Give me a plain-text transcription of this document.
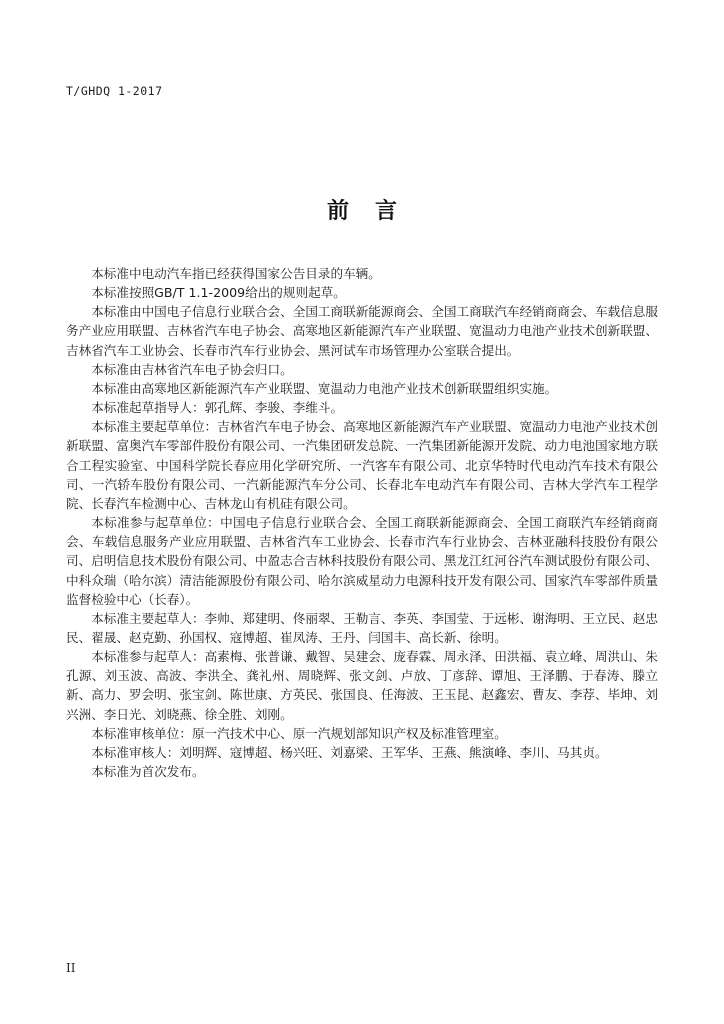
T/GHDQ 1-2017
前言

本标准中电动汽车指已经获得国家公告目录的车辆。

本标准按照GB/T 1.1-2009给出的规则起草。

本标准由中国电子信息行业联合会、全国工商联新能源商会、全国工商联汽车经销商商会、车载信息服务产业应用联盟、吉林省汽车电子协会、高寒地区新能源汽车产业联盟、宽温动力电池产业技术创新联盟、吉林省汽车工业协会、长春市汽车行业协会、黑河试车市场管理办公室联合提出。

本标准由吉林省汽车电子协会归口。

本标准由高寒地区新能源汽车产业联盟、宽温动力电池产业技术创新联盟组织实施。

本标准起草指导人：郭孔辉、李骏、李维斗。

本标准主要起草单位：吉林省汽车电子协会、高寒地区新能源汽车产业联盟、宽温动力电池产业技术创新联盟、富奥汽车零部件股份有限公司、一汽集团研发总院、一汽集团新能源开发院、动力电池国家地方联合工程实验室、中国科学院长春应用化学研究所、一汽客车有限公司、北京华特时代电动汽车技术有限公司、一汽轿车股份有限公司、一汽新能源汽车分公司、长春北车电动汽车有限公司、吉林大学汽车工程学院、长春汽车检测中心、吉林龙山有机硅有限公司。

本标准参与起草单位：中国电子信息行业联合会、全国工商联新能源商会、全国工商联汽车经销商商会、车载信息服务产业应用联盟、吉林省汽车工业协会、长春市汽车行业协会、吉林亚融科技股份有限公司、启明信息技术股份有限公司、中盈志合吉林科技股份有限公司、黑龙江红河谷汽车测试股份有限公司、中科众瑞（哈尔滨）清洁能源股份有限公司、哈尔滨威星动力电源科技开发有限公司、国家汽车零部件质量监督检验中心（长春）。

本标准主要起草人：李帅、郑建明、佟丽翠、王勒言、李英、李国莹、于远彬、谢海明、王立民、赵忠民、翟晟、赵克勤、孙国权、寇博超、崔凤涛、王丹、闫国丰、高长新、徐明。

本标准参与起草人：高素梅、张普谦、戴智、吴建会、庞春霖、周永泽、田洪福、袁立峰、周洪山、朱孔源、刘玉波、高波、李洪全、龚礼州、周晓辉、张文剑、卢放、丁彦辞、谭旭、王泽鹏、于春涛、滕立新、高力、罗会明、张宝剑、陈世康、方英民、张国良、任海波、王玉昆、赵鑫宏、曹友、李荐、毕坤、刘兴洲、李日光、刘晓燕、徐全胜、刘刚。

本标准审核单位：原一汽技术中心、原一汽规划部知识产权及标准管理室。

本标准审核人：刘明辉、寇博超、杨兴旺、刘嘉梁、王军华、王燕、熊演峰、李川、马其贞。

本标准为首次发布。

II
